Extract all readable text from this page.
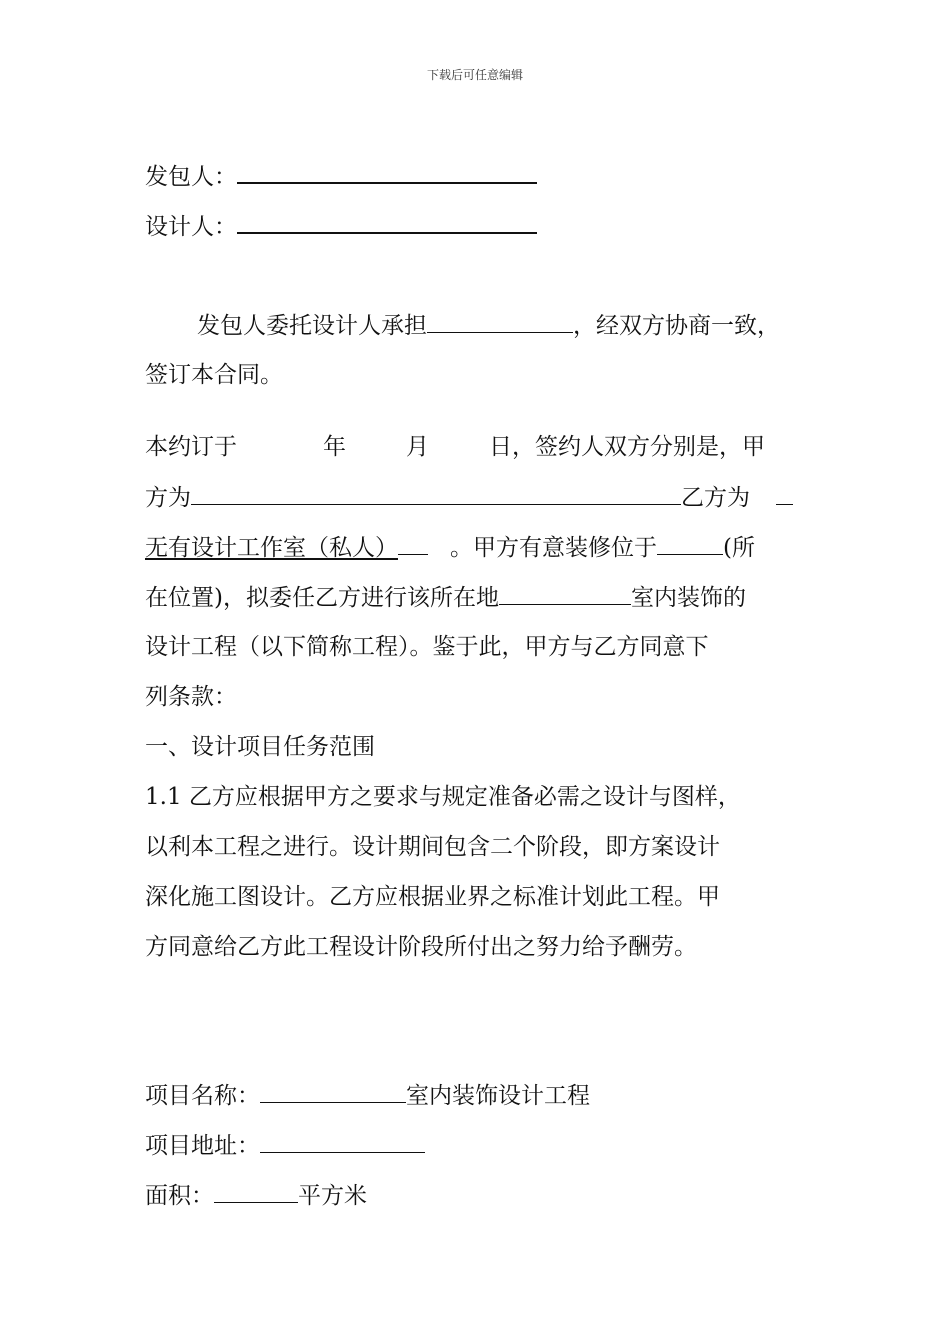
下载后可任意编辑
发包人：
设计人：
发包人委托设计人承担	，经双方协商一致，
签订本合同。
本约订于	年	月	日，签约人双方分别是，甲
方为	乙方为
无有设计工作室（私人） 。甲方有意装修位于	(所
在位置)，拟委任乙方进行该所在地	室内装饰的
设计工程（以下简称工程）。鉴于此，甲方与乙方同意下
列条款：
一、设计项目任务范围
1.1 乙方应根据甲方之要求与规定准备必需之设计与图样，
以利本工程之进行。设计期间包含二个阶段，即方案设计
深化施工图设计。乙方应根据业界之标准计划此工程。甲
方同意给乙方此工程设计阶段所付出之努力给予酬劳。
项目名称：	室内装饰设计工程
项目地址：
面积：	平方米
